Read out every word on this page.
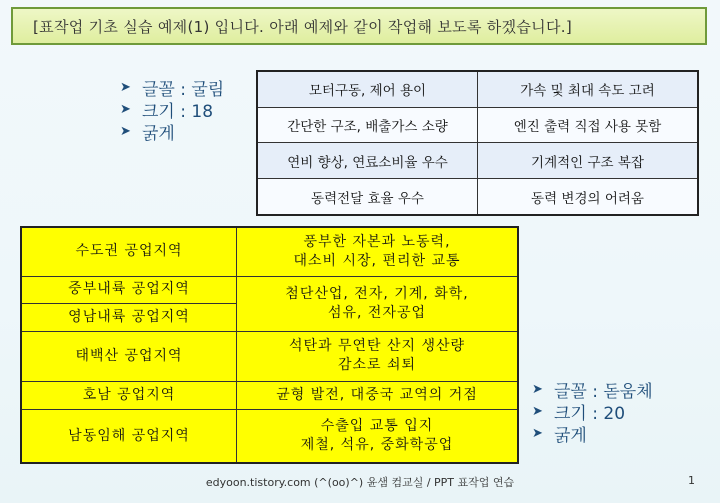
[표작업 기초 실습 예제(1) 입니다. 아래 예제와 같이 작업해 보도록 하겠습니다.]
➤ 글꼴 : 굴림
➤ 크기 : 18
➤ 굵게
모터구동, 제어 용이	가속 및 최대 속도 고려
간단한 구조, 배출가스 소량	엔진 출력 직접 사용 못함
연비 향상, 연료소비율 우수	기계적인 구조 복잡
동력전달 효율 우수	동력 변경의 어려움
수도권 공업지역	풍부한 자본과 노동력,
대소비 시장, 편리한 교통
중부내륙 공업지역	첨단산업, 전자, 기계, 화학,
섬유, 전자공업
영남내륙 공업지역	
태백산 공업지역	석탄과 무연탄 산지 생산량
감소로 쇠퇴
호남 공업지역	균형 발전, 대중국 교역의 거점
남동임해 공업지역	수출입 교통 입지
제철, 석유, 중화학공업
➤ 글꼴 : 돋움체
➤ 크기 : 20
➤ 굵게
edyoon.tistory.com (^(oo)^) 윤샘 컴교실 / PPT 표작업 연습	1
